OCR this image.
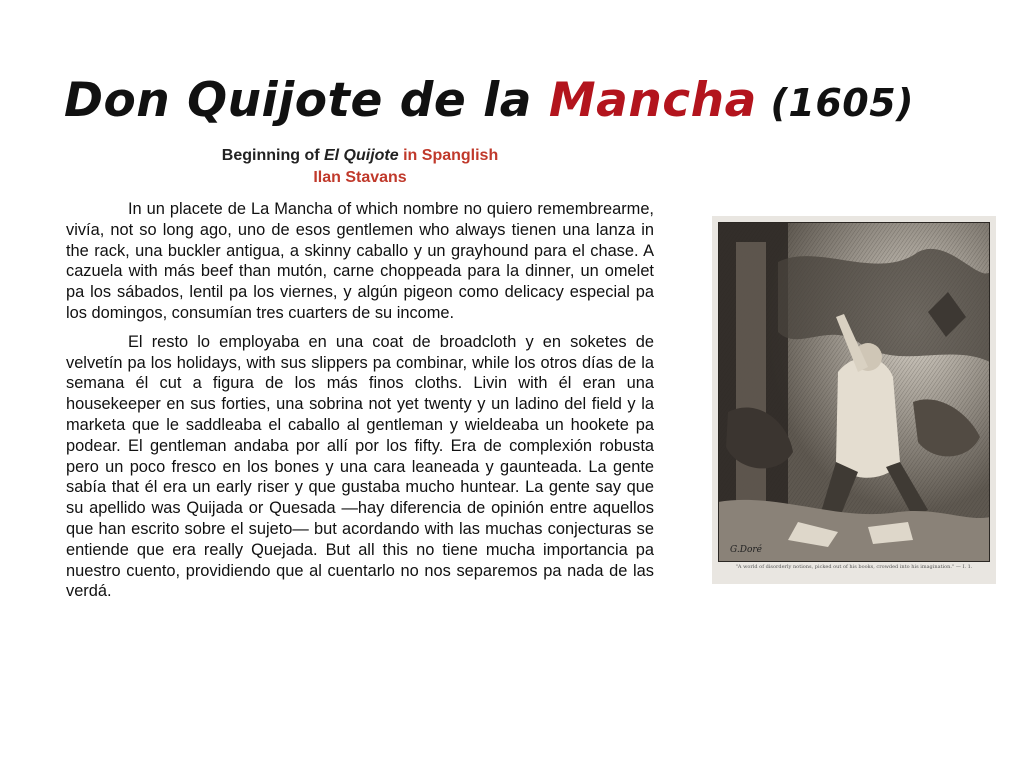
Don Quijote de la Mancha (1605)
Beginning of El Quijote in Spanglish
Ilan Stavans

In un placete de La Mancha of which nombre no quiero remembrearme, vivía, not so long ago, uno de esos gentlemen who always tienen una lanza in the rack, una buckler antigua, a skinny caballo y un grayhound para el chase. A cazuela with más beef than mutón, carne choppeada para la dinner, un omelet pa los sábados, lentil pa los viernes, y algún pigeon como delicacy especial pa los domingos, consumían tres cuarters de su income.

El resto lo employaba en una coat de broadcloth y en soketes de velvetín pa los holidays, with sus slippers pa combinar, while los otros días de la semana él cut a figura de los más finos cloths. Livin with él eran una housekeeper en sus forties, una sobrina not yet twenty y un ladino del field y la marketa que le saddleaba el caballo al gentleman y wieldeaba un hookete pa podear. El gentleman andaba por allí por los fifty. Era de complexión robusta pero un poco fresco en los bones y una cara leaneada y gaunteada. La gente sabía that él era un early riser y que gustaba mucho huntear. La gente say que su apellido was Quijada or Quesada —hay diferencia de opinión entre aquellos que han escrito sobre el sujeto— but acordando with las muchas conjecturas se entiende que era really Quejada. But all this no tiene mucha importancia pa nuestro cuento, providiendo que al cuentarlo no nos separemos pa nada de las verdá.

G.Doré
"A world of disorderly notions, picked out of his books, crowded into his imagination." — I. 1.
